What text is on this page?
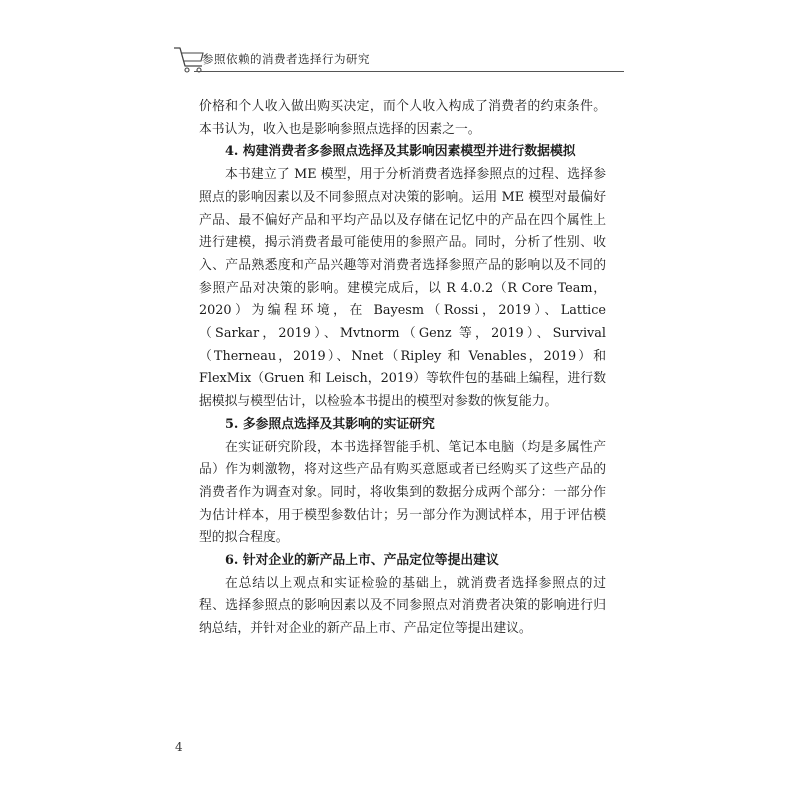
参照依赖的消费者选择行为研究

价格和个人收入做出购买决定，而个人收入构成了消费者的约束条件。本书认为，收入也是影响参照点选择的因素之一。

4. 构建消费者多参照点选择及其影响因素模型并进行数据模拟

本书建立了 ME 模型，用于分析消费者选择参照点的过程、选择参照点的影响因素以及不同参照点对决策的影响。运用 ME 模型对最偏好产品、最不偏好产品和平均产品以及存储在记忆中的产品在四个属性上进行建模，揭示消费者最可能使用的参照产品。同时，分析了性别、收入、产品熟悉度和产品兴趣等对消费者选择参照产品的影响以及不同的参照产品对决策的影响。建模完成后，以 R 4.0.2（R Core Team，2020）为编程环境，在 Bayesm（Rossi，2019）、Lattice（Sarkar，2019）、Mvtnorm（Genz 等，2019）、Survival（Therneau，2019）、Nnet（Ripley 和 Venables，2019）和 FlexMix（Gruen 和 Leisch，2019）等软件包的基础上编程，进行数据模拟与模型估计，以检验本书提出的模型对参数的恢复能力。

5. 多参照点选择及其影响的实证研究

在实证研究阶段，本书选择智能手机、笔记本电脑（均是多属性产品）作为刺激物，将对这些产品有购买意愿或者已经购买了这些产品的消费者作为调查对象。同时，将收集到的数据分成两个部分：一部分作为估计样本，用于模型参数估计；另一部分作为测试样本，用于评估模型的拟合程度。

6. 针对企业的新产品上市、产品定位等提出建议

在总结以上观点和实证检验的基础上，就消费者选择参照点的过程、选择参照点的影响因素以及不同参照点对消费者决策的影响进行归纳总结，并针对企业的新产品上市、产品定位等提出建议。

4
